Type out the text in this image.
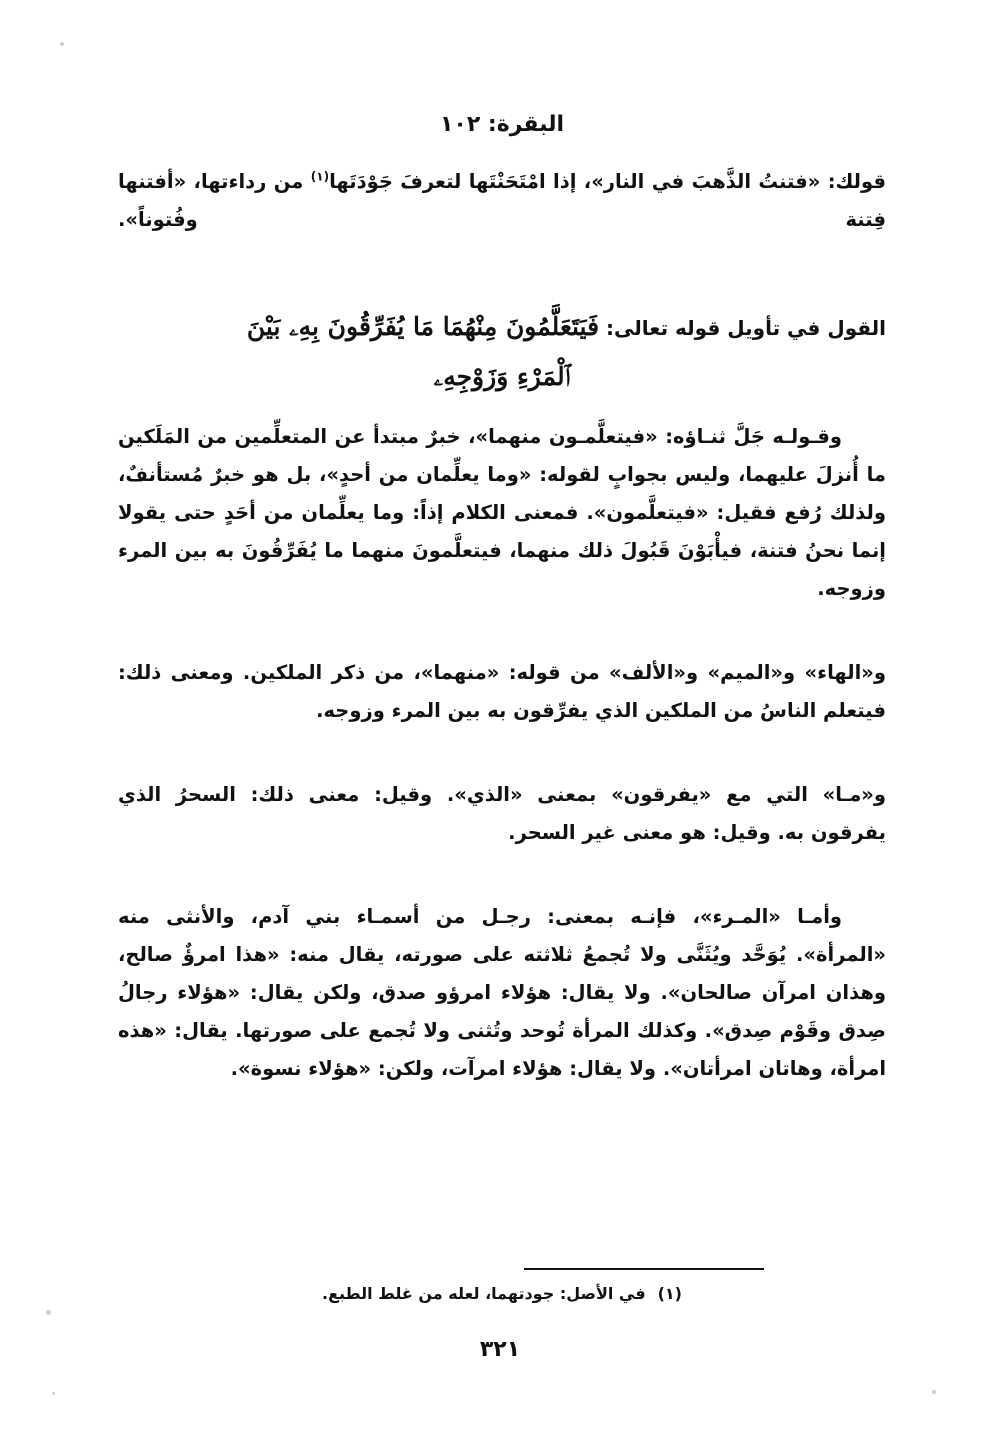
البقرة: ١٠٢

قولك: «فتنتُ الذَّهبَ في النار»، إذا امْتَحَنْتَها لتعرفَ جَوْدَتَها$^{(١)}$ من رداءتها، «أفتنها فِتنة وفُتوناً».

القول في تأويل قوله تعالى: فَيَتَعَلَّمُونَ مِنْهُمَا مَا يُفَرِّقُونَ بِهِۦ بَيْنَ

ٱلْمَرْءِ وَزَوْجِهِۦ

وقـولـه جَلَّ ثنـاؤه: «فيتعلَّمـون منهما»، خبرٌ مبتدأ عن المتعلِّمين من المَلَكين ما أُنزلَ عليهما، وليس بجوابٍ لقوله: «وما يعلِّمان من أحدٍ»، بل هو خبرٌ مُستأنفٌ، ولذلك رُفع فقيل: «فيتعلَّمون». فمعنى الكلام إذاً: وما يعلِّمان من أحَدٍ حتى يقولا إنما نحنُ فتنة، فيأْبَوْنَ قَبُولَ ذلك منهما، فيتعلَّمونَ منهما ما يُفَرِّقُونَ به بين المرء وزوجه.

و«الهاء» و«الميم» و«الألف» من قوله: «منهما»، من ذكر الملكين. ومعنى ذلك: فيتعلم الناسُ من الملكين الذي يفرِّقون به بين المرء وزوجه.

و«مـا» التي مع «يفرقون» بمعنى «الذي». وقيل: معنى ذلك: السحرُ الذي يفرقون به. وقيل: هو معنى غير السحر.

وأمـا «المـرء»، فإنـه بمعنى: رجـل من أسمـاء بني آدم، والأنثى منه «المرأة». يُوَحَّد ويُثَنَّى ولا تُجمعُ ثلاثته على صورته، يقال منه: «هذا امرؤٌ صالح، وهذان امرآن صالحان». ولا يقال: هؤلاء امرؤو صدق، ولكن يقال: «هؤلاء رجالُ صِدق وقَوْم صِدق». وكذلك المرأة تُوحد وتُثنى ولا تُجمع على صورتها. يقال: «هذه امرأة، وهاتان امرأتان». ولا يقال: هؤلاء امرآت، ولكن: «هؤلاء نسوة».

(١)في الأصل: جودتهما، لعله من غلط الطبع.
٣٢١
